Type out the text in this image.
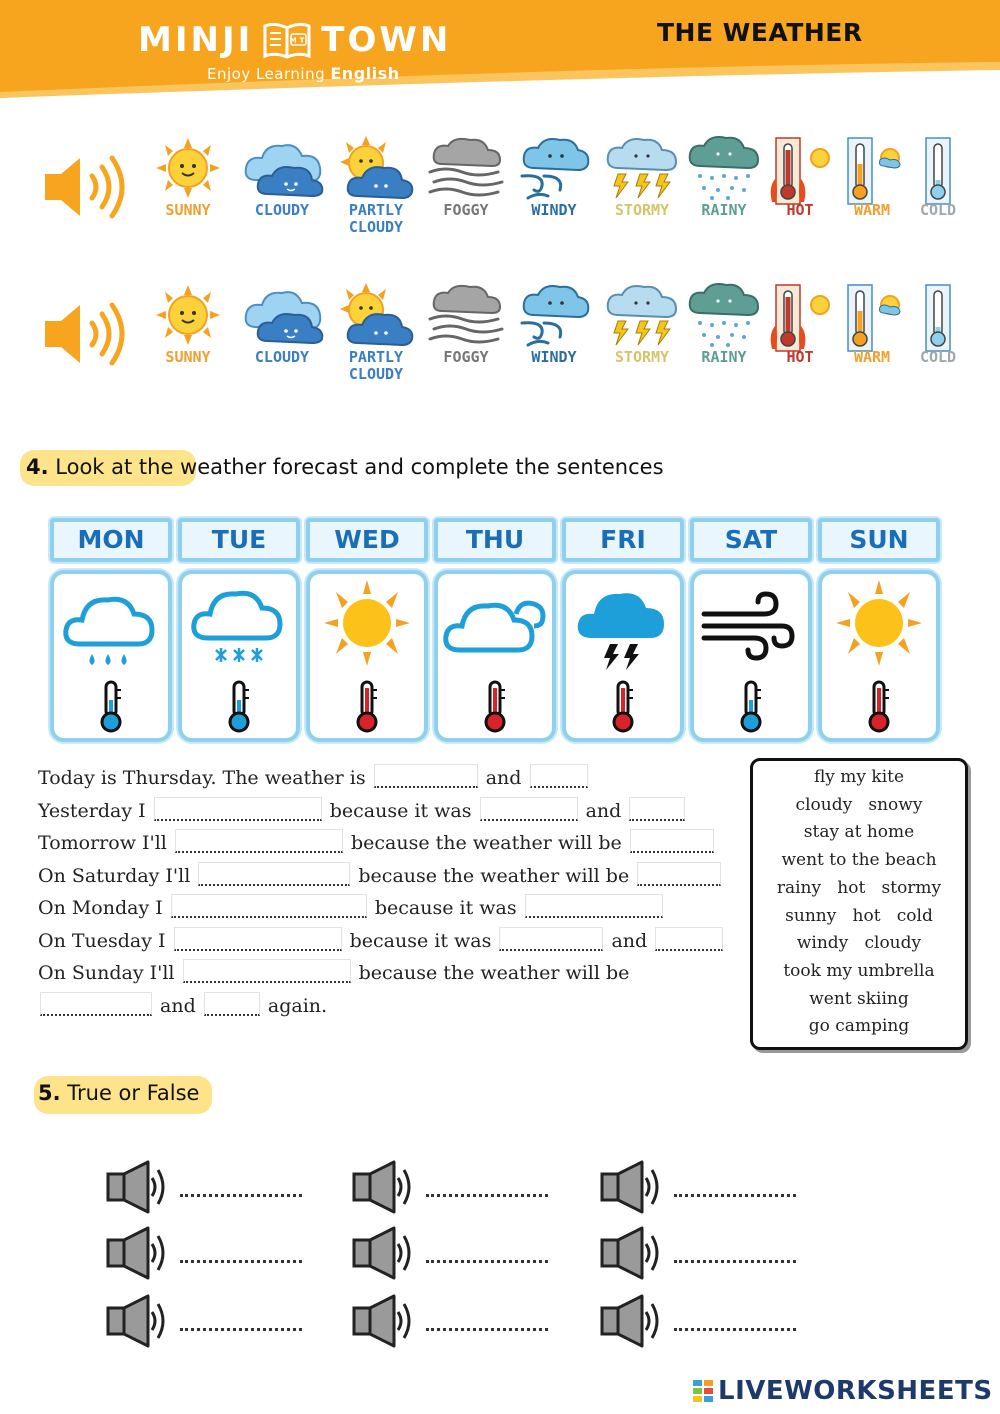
MINJI	MT TOWN
Enjoy Learning English
THE WEATHER
SUNNY	CLOUDY	PARTLY
CLOUDY
FOGGY	WINDY	STORMY	RAINY	HOT	WARM	COLD
SUNNY	CLOUDY	PARTLY
CLOUDY
FOGGY	WINDY	STORMY	RAINY	HOT	WARM	COLD
4. Look at the weather forecast and complete the sentences
MON	TUE	WED	THU	FRI	SAT	SUN
Today is Thursday. The weather is	and
Yesterday I	because it was	and
Tomorrow I'll	because the weather will be
On Saturday I'll	because the weather will be
On Monday I	because it was
On Tuesday I	because it was	and
On Sunday I'll	because the weather will be
and	again.
fly my kite
cloudy   snowy
stay at home
went to the beach
rainy   hot   stormy
sunny   hot   cold
windy   cloudy
took my umbrella
went skiing
go camping
5. True or False
LIVEWORKSHEETS
